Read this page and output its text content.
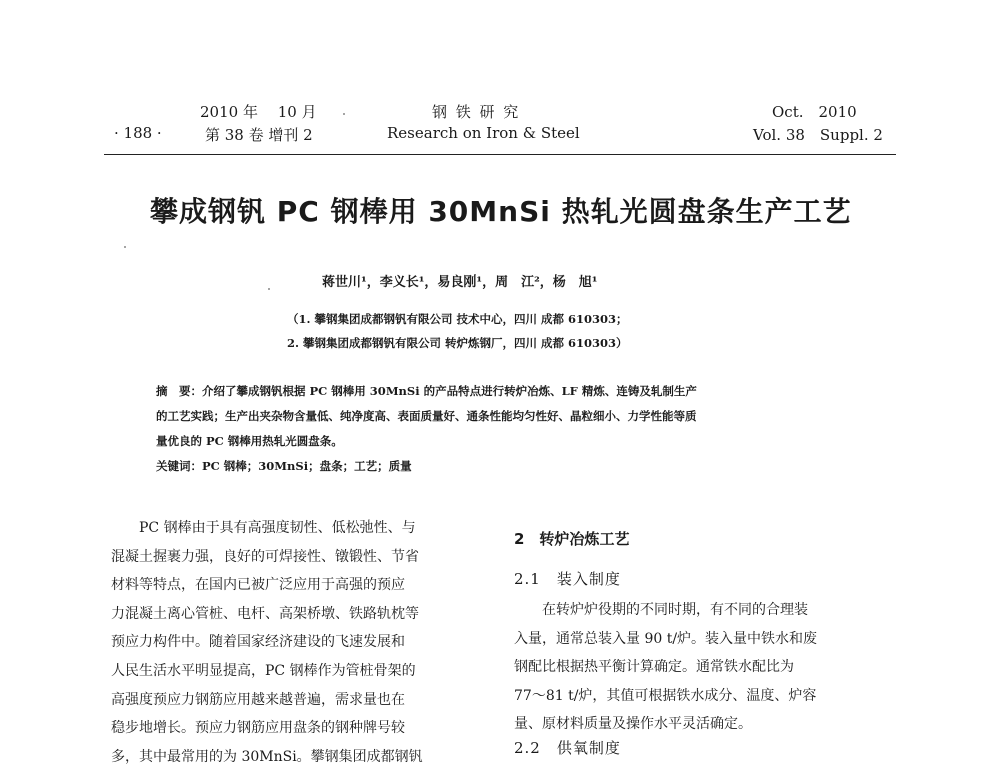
2010 年　 10 月
· 188 ·	第 38 卷 增刊 2
钢 铁 研 究
Research on Iron & Steel
Oct.　2010
Vol. 38　Suppl. 2
攀成钢钒 PC 钢棒用 30MnSi 热轧光圆盘条生产工艺
蒋世川¹，李义长¹，易良刚¹，周　江²，杨　旭¹
（1. 攀钢集团成都钢钒有限公司 技术中心，四川 成都 610303；
2. 攀钢集团成都钢钒有限公司 转炉炼钢厂，四川 成都 610303）
摘　要：介绍了攀成钢钒根据 PC 钢棒用 30MnSi 的产品特点进行转炉冶炼、LF 精炼、连铸及轧制生产
的工艺实践；生产出夹杂物含量低、纯净度高、表面质量好、通条性能均匀性好、晶粒细小、力学性能等质
量优良的 PC 钢棒用热轧光圆盘条。
关键词：PC 钢棒；30MnSi；盘条；工艺；质量

　　PC 钢棒由于具有高强度韧性、低松弛性、与

混凝土握裹力强，良好的可焊接性、镦锻性、节省

材料等特点，在国内已被广泛应用于高强的预应

力混凝土离心管桩、电杆、高架桥墩、铁路轨枕等

预应力构件中。随着国家经济建设的飞速发展和

人民生活水平明显提高，PC 钢棒作为管桩骨架的

高强度预应力钢筋应用越来越普遍，需求量也在

稳步地增长。预应力钢筋应用盘条的钢种牌号较

多，其中最常用的为 30MnSi。攀钢集团成都钢钒

2　转炉冶炼工艺
2.1　装入制度

　　在转炉炉役期的不同时期，有不同的合理装

入量，通常总装入量 90 t/炉。装入量中铁水和废

钢配比根据热平衡计算确定。通常铁水配比为

77～81 t/炉，其值可根据铁水成分、温度、炉容

量、原材料质量及操作水平灵活确定。

2.2　供氧制度
